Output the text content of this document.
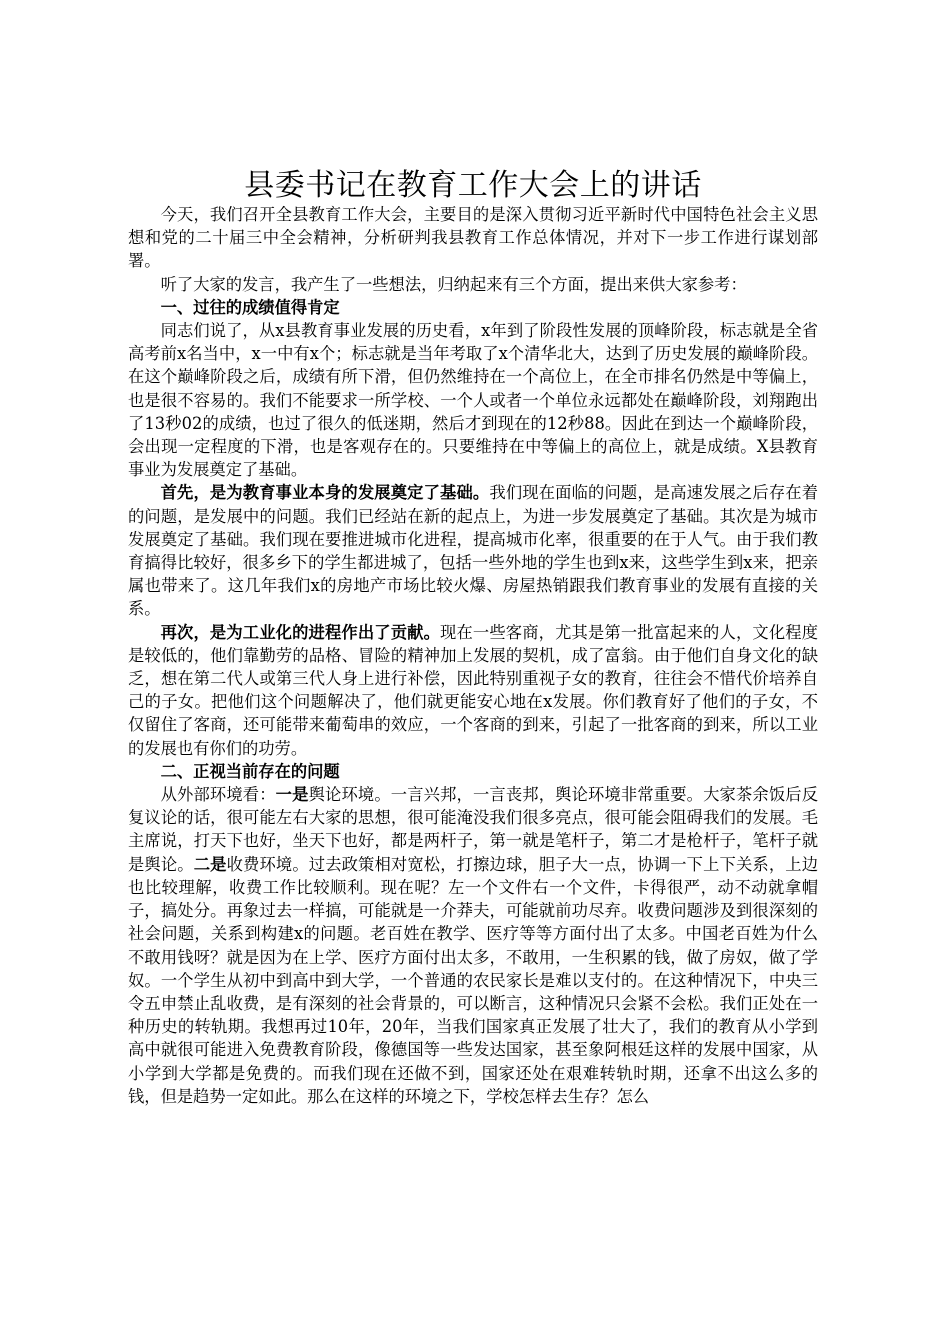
县委书记在教育工作大会上的讲话

今天，我们召开全县教育工作大会，主要目的是深入贯彻习近平新时代中国特色社会主义思想和党的二十届三中全会精神，分析研判我县教育工作总体情况，并对下一步工作进行谋划部署。

听了大家的发言，我产生了一些想法，归纳起来有三个方面，提出来供大家参考：

一、过往的成绩值得肯定

同志们说了，从x县教育事业发展的历史看，x年到了阶段性发展的顶峰阶段，标志就是全省高考前x名当中，x一中有x个；标志就是当年考取了x个清华北大，达到了历史发展的巅峰阶段。在这个巅峰阶段之后，成绩有所下滑，但仍然维持在一个高位上，在全市排名仍然是中等偏上，也是很不容易的。我们不能要求一所学校、一个人或者一个单位永远都处在巅峰阶段，刘翔跑出了13秒02的成绩，也过了很久的低迷期，然后才到现在的12秒88。因此在到达一个巅峰阶段，会出现一定程度的下滑，也是客观存在的。只要维持在中等偏上的高位上，就是成绩。X县教育事业为发展奠定了基础。

首先，是为教育事业本身的发展奠定了基础。我们现在面临的问题，是高速发展之后存在着的问题，是发展中的问题。我们已经站在新的起点上，为进一步发展奠定了基础。其次是为城市发展奠定了基础。我们现在要推进城市化进程，提高城市化率，很重要的在于人气。由于我们教育搞得比较好，很多乡下的学生都进城了，包括一些外地的学生也到x来，这些学生到x来，把亲属也带来了。这几年我们x的房地产市场比较火爆、房屋热销跟我们教育事业的发展有直接的关系。

再次，是为工业化的进程作出了贡献。现在一些客商，尤其是第一批富起来的人，文化程度是较低的，他们靠勤劳的品格、冒险的精神加上发展的契机，成了富翁。由于他们自身文化的缺乏，想在第二代人或第三代人身上进行补偿，因此特别重视子女的教育，往往会不惜代价培养自己的子女。把他们这个问题解决了，他们就更能安心地在x发展。你们教育好了他们的子女，不仅留住了客商，还可能带来葡萄串的效应，一个客商的到来，引起了一批客商的到来，所以工业的发展也有你们的功劳。

二、正视当前存在的问题

从外部环境看：一是舆论环境。一言兴邦，一言丧邦，舆论环境非常重要。大家茶余饭后反复议论的话，很可能左右大家的思想，很可能淹没我们很多亮点，很可能会阻碍我们的发展。毛主席说，打天下也好，坐天下也好，都是两杆子，第一就是笔杆子，第二才是枪杆子，笔杆子就是舆论。二是收费环境。过去政策相对宽松，打擦边球，胆子大一点，协调一下上下关系，上边也比较理解，收费工作比较顺利。现在呢？左一个文件右一个文件，卡得很严，动不动就拿帽子，搞处分。再象过去一样搞，可能就是一介莽夫，可能就前功尽弃。收费问题涉及到很深刻的社会问题，关系到构建x的问题。老百姓在教学、医疗等等方面付出了太多。中国老百姓为什么不敢用钱呀？就是因为在上学、医疗方面付出太多，不敢用，一生积累的钱，做了房奴，做了学奴。一个学生从初中到高中到大学，一个普通的农民家长是难以支付的。在这种情况下，中央三令五申禁止乱收费，是有深刻的社会背景的，可以断言，这种情况只会紧不会松。我们正处在一种历史的转轨期。我想再过10年，20年，当我们国家真正发展了壮大了，我们的教育从小学到高中就很可能进入免费教育阶段，像德国等一些发达国家，甚至象阿根廷这样的发展中国家，从小学到大学都是免费的。而我们现在还做不到，国家还处在艰难转轨时期，还拿不出这么多的钱，但是趋势一定如此。那么在这样的环境之下，学校怎样去生存？怎么
